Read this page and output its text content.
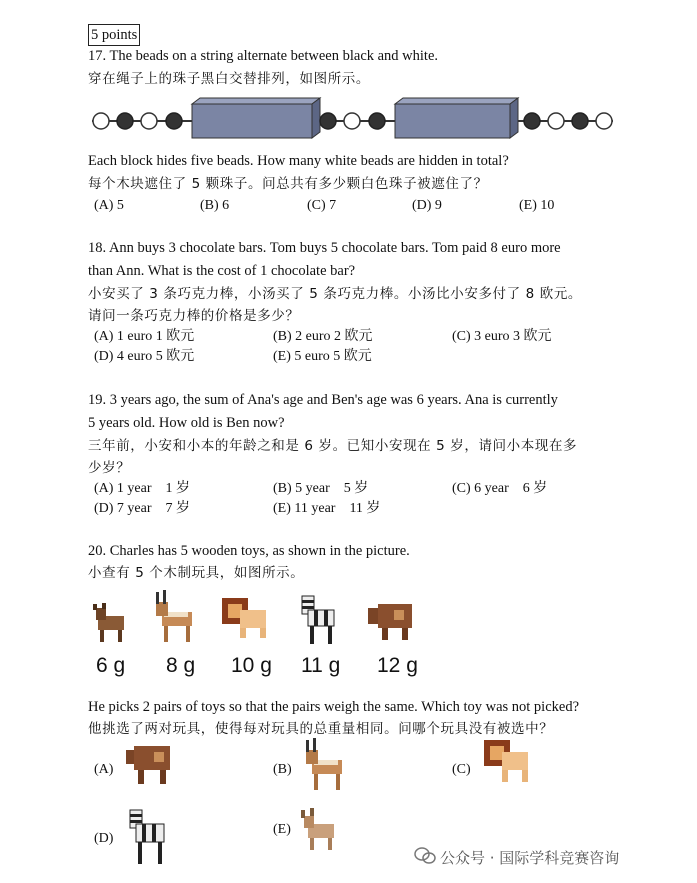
5 points
17. The beads on a string alternate between black and white.
穿在绳子上的珠子黑白交替排列，如图所示。
Each block hides five beads. How many white beads are hidden in total?
每个木块遮住了 5 颗珠子。问总共有多少颗白色珠子被遮住了？
(A) 5	(B) 6	(C) 7	(D) 9	(E) 10
18. Ann buys 3 chocolate bars. Tom buys 5 chocolate bars. Tom paid 8 euro more
than Ann. What is the cost of 1 chocolate bar?
小安买了 3 条巧克力棒，小汤买了 5 条巧克力棒。小汤比小安多付了 8 欧元。
请问一条巧克力棒的价格是多少？
(A) 1 euro 1 欧元	(B) 2 euro 2 欧元	(C) 3 euro 3 欧元
(D) 4 euro 5 欧元	(E) 5 euro 5 欧元
19. 3 years ago, the sum of Ana's age and Ben's age was 6 years. Ana is currently
5 years old. How old is Ben now?
三年前，小安和小本的年龄之和是 6 岁。已知小安现在 5 岁，请问小本现在多
少岁？
(A) 1 year    1 岁	(B) 5 year    5 岁	(C) 6 year    6 岁
(D) 7 year    7 岁	(E) 11 year    11 岁
20. Charles has 5 wooden toys, as shown in the picture.
小查有 5 个木制玩具，如图所示。
6 g 8 g 10 g 11 g 12 g
He picks 2 pairs of toys so that the pairs weigh the same. Which toy was not picked?
他挑选了两对玩具，使得每对玩具的总重量相同。问哪个玩具没有被选中？
(A)	(B)	(C)
(D)
(E)
公众号 · 国际学科竞赛咨询
